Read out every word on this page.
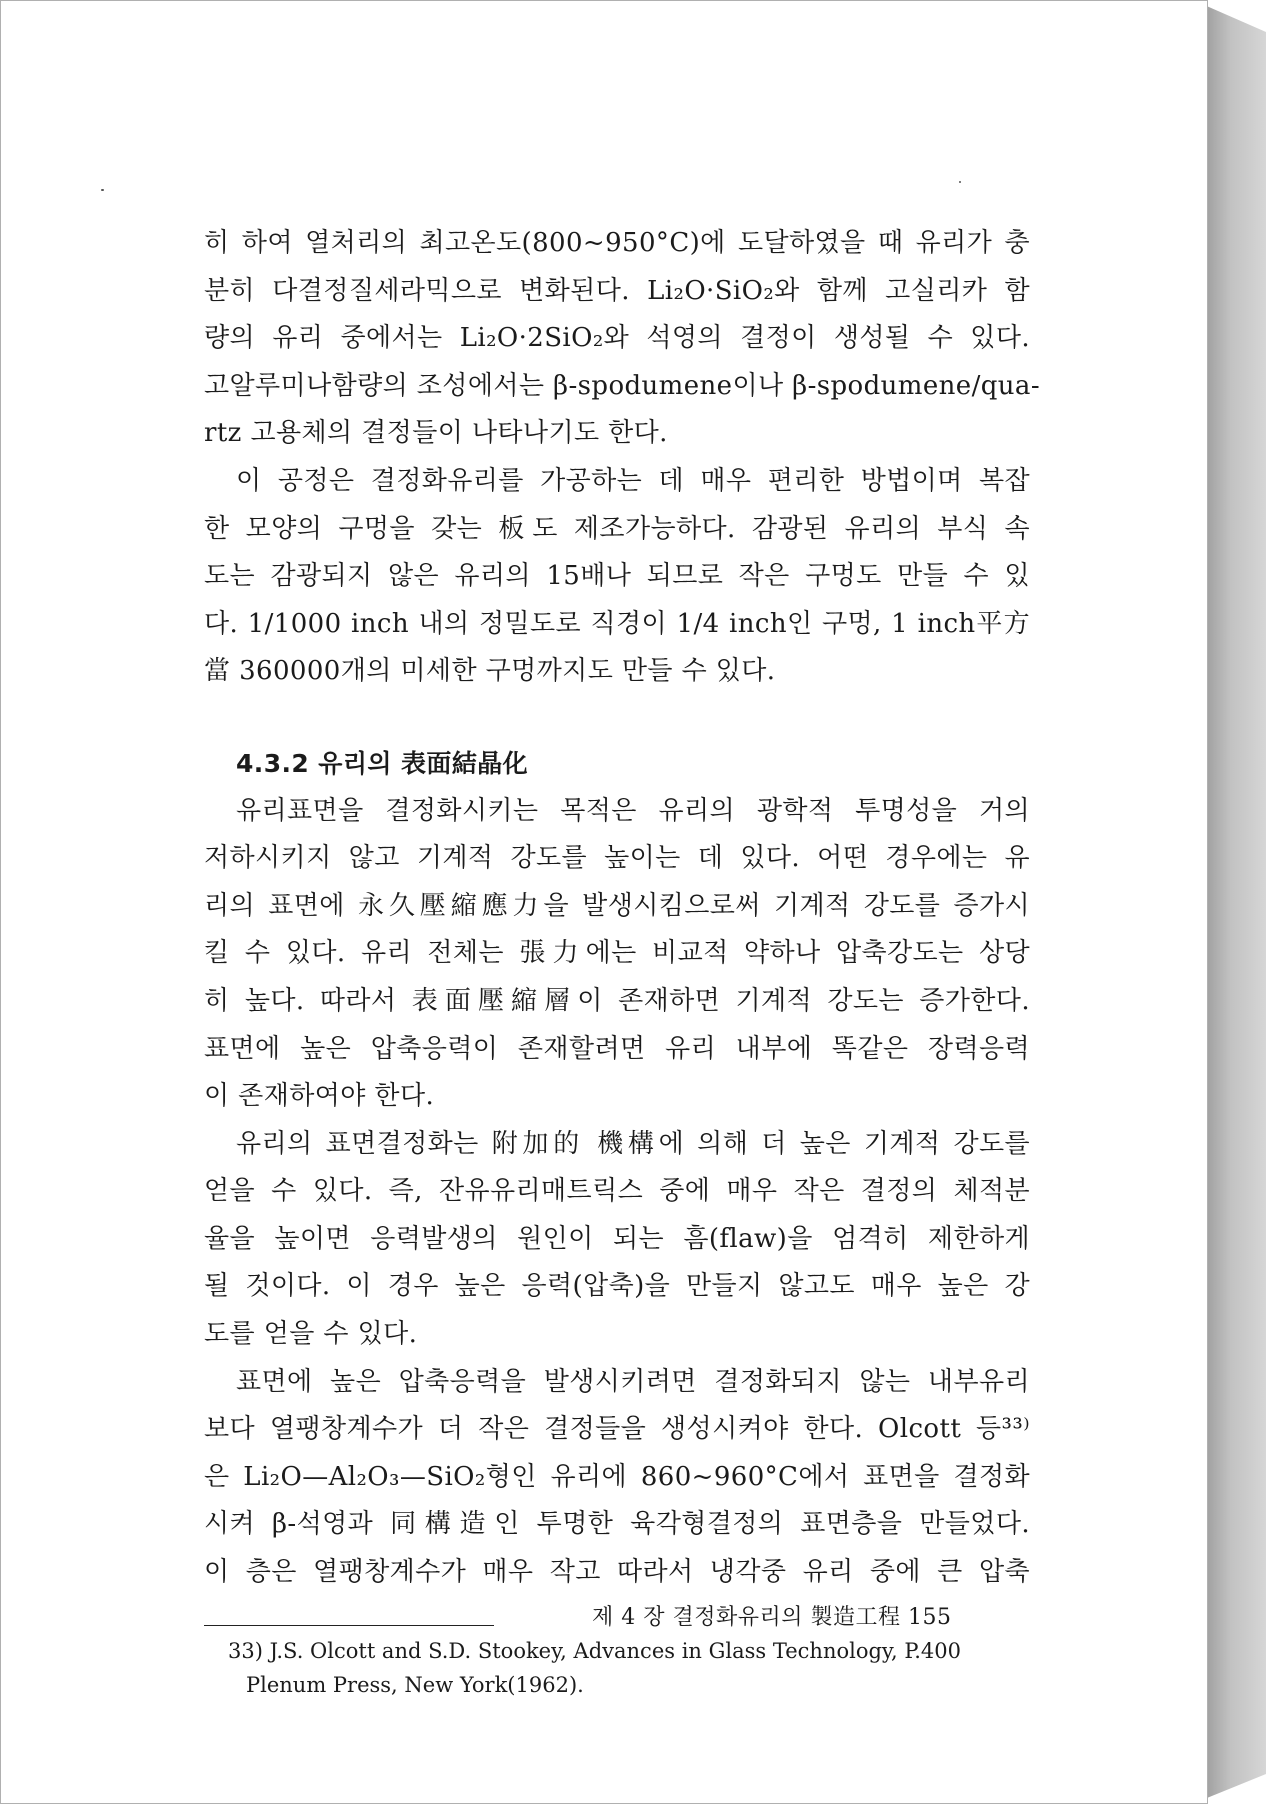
히 하여 열처리의 최고온도(800~950°C)에 도달하였을 때 유리가 충
분히 다결정질세라믹으로 변화된다. Li₂O·SiO₂와 함께 고실리카 함
량의 유리 중에서는 Li₂O·2SiO₂와 석영의 결정이 생성될 수 있다.
고알루미나함량의 조성에서는 β-spodumene이나 β-spodumene/qua-
rtz 고용체의 결정들이 나타나기도 한다.
이 공정은 결정화유리를 가공하는 데 매우 편리한 방법이며 복잡
한 모양의 구멍을 갖는 板도 제조가능하다. 감광된 유리의 부식 속
도는 감광되지 않은 유리의 15배나 되므로 작은 구멍도 만들 수 있
다. 1/1000 inch 내의 정밀도로 직경이 1/4 inch인 구멍, 1 inch平方
當 360000개의 미세한 구멍까지도 만들 수 있다.
4.3.2 유리의 表面結晶化
유리표면을 결정화시키는 목적은 유리의 광학적 투명성을 거의
저하시키지 않고 기계적 강도를 높이는 데 있다. 어떤 경우에는 유
리의 표면에 永久壓縮應力을 발생시킴으로써 기계적 강도를 증가시
킬 수 있다. 유리 전체는 張力에는 비교적 약하나 압축강도는 상당
히 높다. 따라서 表面壓縮層이 존재하면 기계적 강도는 증가한다.
표면에 높은 압축응력이 존재할려면 유리 내부에 똑같은 장력응력
이 존재하여야 한다.
유리의 표면결정화는 附加的 機構에 의해 더 높은 기계적 강도를
얻을 수 있다. 즉, 잔유유리매트릭스 중에 매우 작은 결정의 체적분
율을 높이면 응력발생의 원인이 되는 흠(flaw)을 엄격히 제한하게
될 것이다. 이 경우 높은 응력(압축)을 만들지 않고도 매우 높은 강
도를 얻을 수 있다.
표면에 높은 압축응력을 발생시키려면 결정화되지 않는 내부유리
보다 열팽창계수가 더 작은 결정들을 생성시켜야 한다. Olcott 등³³⁾
은 Li₂O—Al₂O₃—SiO₂형인 유리에 860~960°C에서 표면을 결정화
시켜 β-석영과 同構造인 투명한 육각형결정의 표면층을 만들었다.
이 층은 열팽창계수가 매우 작고 따라서 냉각중 유리 중에 큰 압축
33) J.S. Olcott and S.D. Stookey, Advances in Glass Technology, P.400
Plenum Press, New York(1962).
제 4 장 결정화유리의 製造工程 155
